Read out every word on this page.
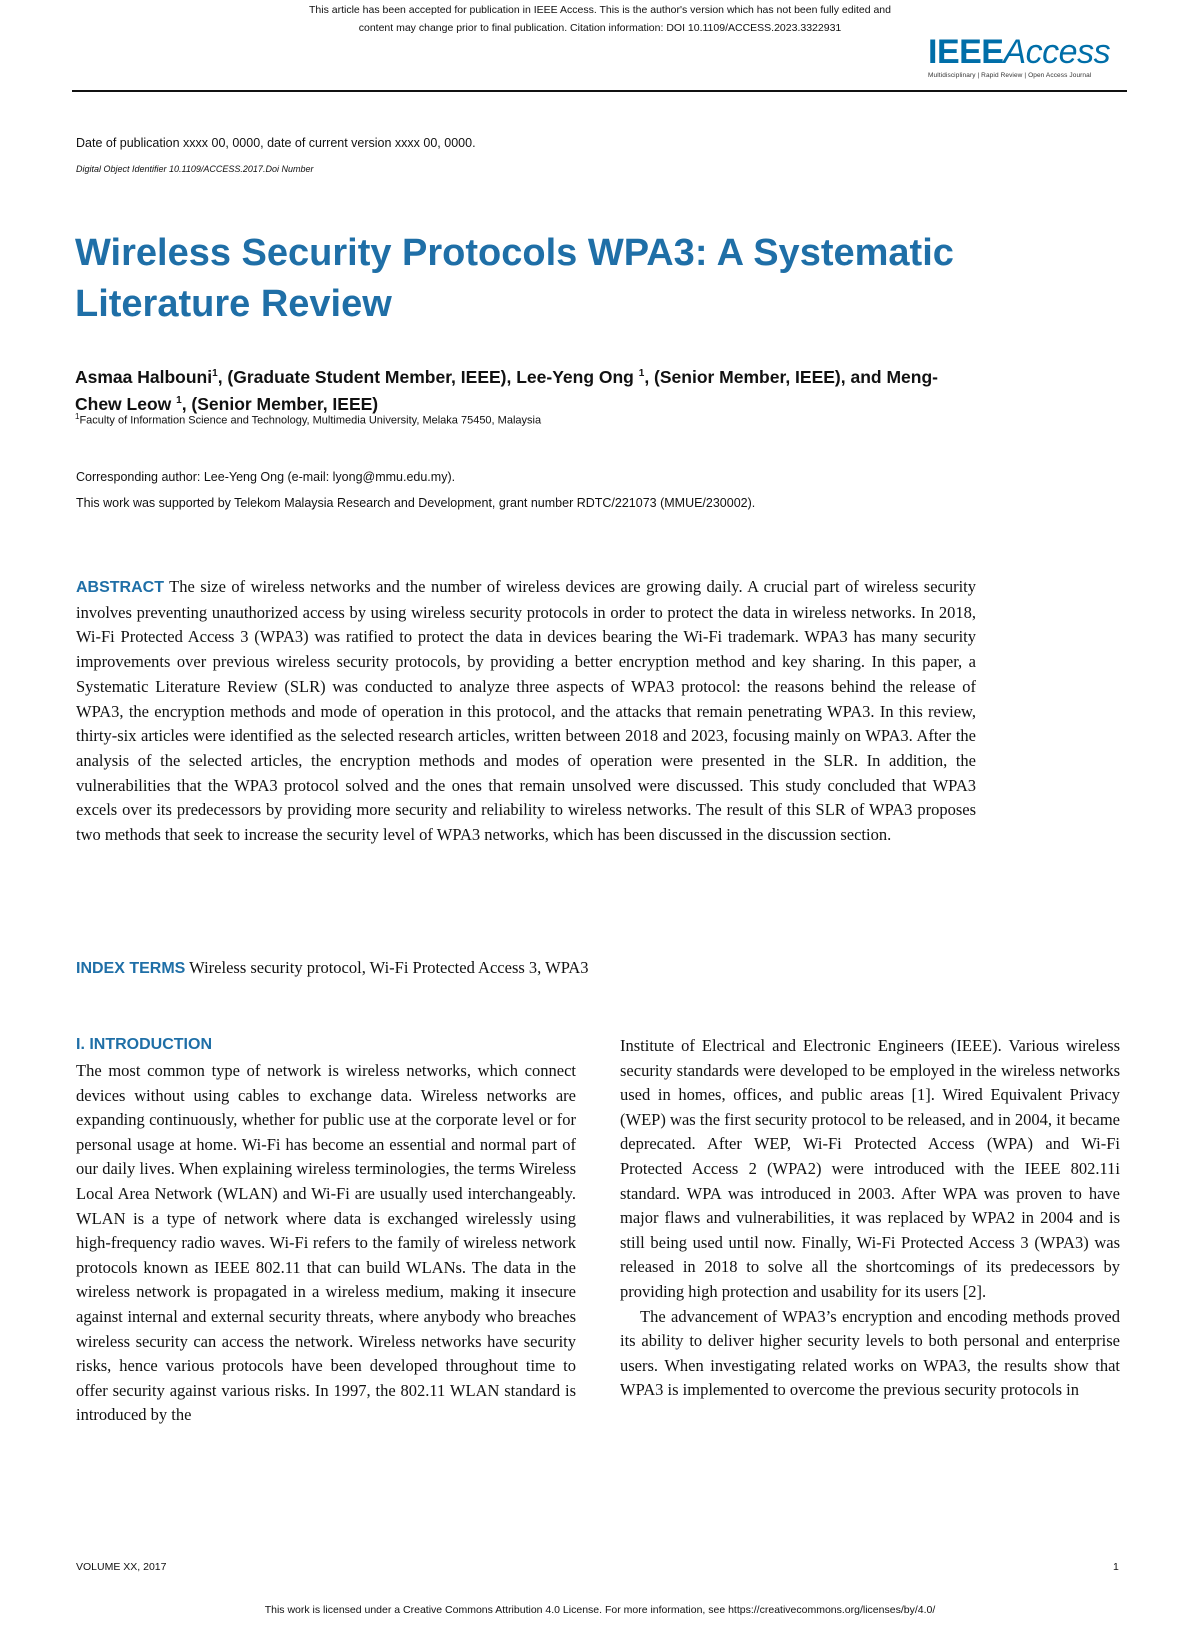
This article has been accepted for publication in IEEE Access. This is the author's version which has not been fully edited and
content may change prior to final publication. Citation information: DOI 10.1109/ACCESS.2023.3322931
IEEEAccess
Multidisciplinary | Rapid Review | Open Access Journal
Date of publication xxxx 00, 0000, date of current version xxxx 00, 0000.
Digital Object Identifier 10.1109/ACCESS.2017.Doi Number
Wireless Security Protocols WPA3: A Systematic Literature Review
Asmaa Halbouni$^1$, (Graduate Student Member, IEEE), Lee-Yeng Ong $^1$, (Senior Member, IEEE), and Meng-Chew Leow $^1$, (Senior Member, IEEE)
$^1$Faculty of Information Science and Technology, Multimedia University, Melaka 75450, Malaysia
Corresponding author: Lee-Yeng Ong (e-mail: lyong@mmu.edu.my).
This work was supported by Telekom Malaysia Research and Development, grant number RDTC/221073 (MMUE/230002).
ABSTRACT The size of wireless networks and the number of wireless devices are growing daily. A crucial part of wireless security involves preventing unauthorized access by using wireless security protocols in order to protect the data in wireless networks. In 2018, Wi-Fi Protected Access 3 (WPA3) was ratified to protect the data in devices bearing the Wi-Fi trademark. WPA3 has many security improvements over previous wireless security protocols, by providing a better encryption method and key sharing. In this paper, a Systematic Literature Review (SLR) was conducted to analyze three aspects of WPA3 protocol: the reasons behind the release of WPA3, the encryption methods and mode of operation in this protocol, and the attacks that remain penetrating WPA3. In this review, thirty-six articles were identified as the selected research articles, written between 2018 and 2023, focusing mainly on WPA3. After the analysis of the selected articles, the encryption methods and modes of operation were presented in the SLR. In addition, the vulnerabilities that the WPA3 protocol solved and the ones that remain unsolved were discussed. This study concluded that WPA3 excels over its predecessors by providing more security and reliability to wireless networks. The result of this SLR of WPA3 proposes two methods that seek to increase the security level of WPA3 networks, which has been discussed in the discussion section.
INDEX TERMS Wireless security protocol, Wi-Fi Protected Access 3, WPA3
I. INTRODUCTION
The most common type of network is wireless networks, which connect devices without using cables to exchange data. Wireless networks are expanding continuously, whether for public use at the corporate level or for personal usage at home. Wi-Fi has become an essential and normal part of our daily lives. When explaining wireless terminologies, the terms Wireless Local Area Network (WLAN) and Wi-Fi are usually used interchangeably. WLAN is a type of network where data is exchanged wirelessly using high-frequency radio waves. Wi-Fi refers to the family of wireless network protocols known as IEEE 802.11 that can build WLANs. The data in the wireless network is propagated in a wireless medium, making it insecure against internal and external security threats, where anybody who breaches wireless security can access the network. Wireless networks have security risks, hence various protocols have been developed throughout time to offer security against various risks. In 1997, the 802.11 WLAN standard is introduced by the

Institute of Electrical and Electronic Engineers (IEEE). Various wireless security standards were developed to be employed in the wireless networks used in homes, offices, and public areas [1]. Wired Equivalent Privacy (WEP) was the first security protocol to be released, and in 2004, it became deprecated. After WEP, Wi-Fi Protected Access (WPA) and Wi-Fi Protected Access 2 (WPA2) were introduced with the IEEE 802.11i standard. WPA was introduced in 2003. After WPA was proven to have major flaws and vulnerabilities, it was replaced by WPA2 in 2004 and is still being used until now. Finally, Wi-Fi Protected Access 3 (WPA3) was released in 2018 to solve all the shortcomings of its predecessors by providing high protection and usability for its users [2].

The advancement of WPA3’s encryption and encoding methods proved its ability to deliver higher security levels to both personal and enterprise users. When investigating related works on WPA3, the results show that WPA3 is implemented to overcome the previous security protocols in

VOLUME XX, 2017	1
This work is licensed under a Creative Commons Attribution 4.0 License. For more information, see https://creativecommons.org/licenses/by/4.0/
